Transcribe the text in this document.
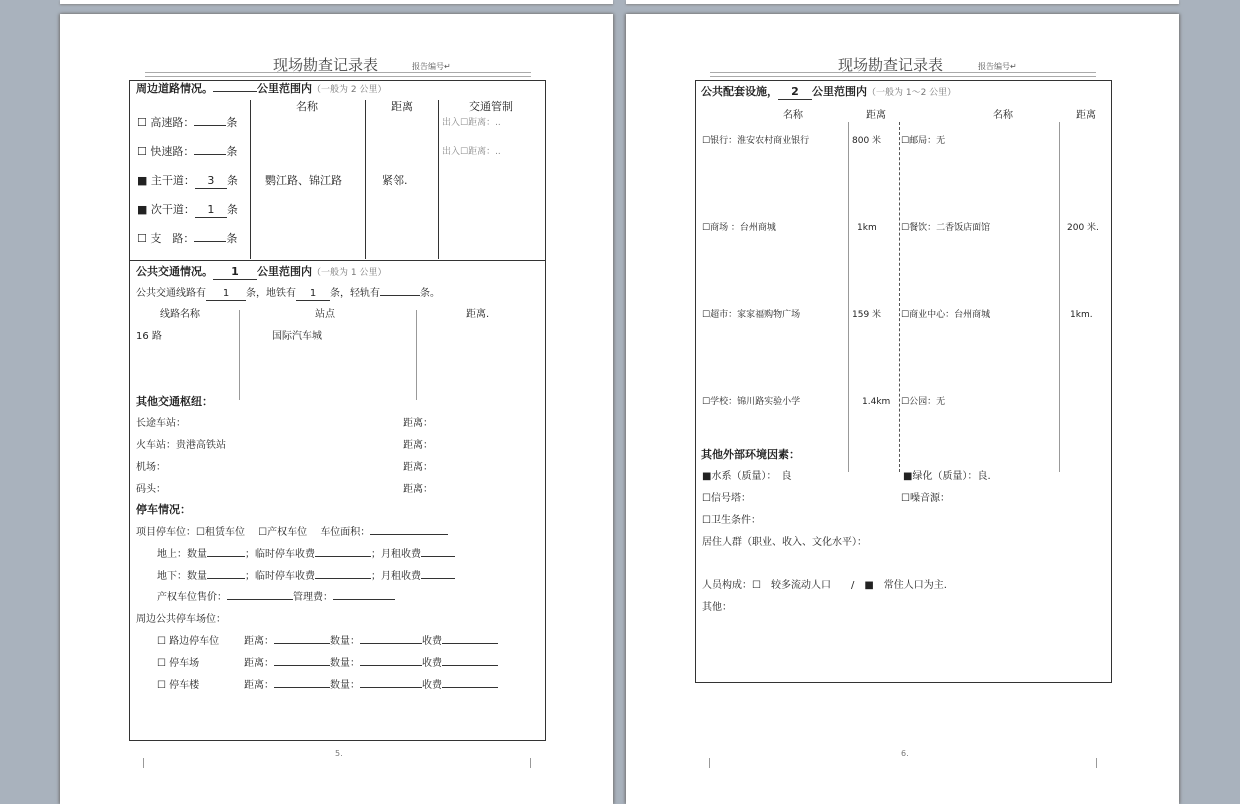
现场勘查记录表	报告编号↵
周边道路情况。	公里范围内（一般为 2 公里）
名称	距离	交通管制
☐ 高速路：	条	出入☐距离：..
☐ 快速路：	条	出入☐距离：..
■ 主干道： 3 条 鹦江路、锦江路	紧邻.
■ 次干道： 1 条
☐ 支　路：	条
公共交通情况。 1 公里范围内（一般为 1 公里）
公共交通线路有 1 条，地铁有 1 条，轻轨有	条。
线路名称	站点	距离.
16 路	国际汽车城
其他交通枢纽：
长途车站：	距离：
火车站：贵港高铁站	距离：
机场：	距离：
码头：	距离：
停车情况：
项目停车位：☐租赁车位　 ☐产权车位　 车位面积：
地上：数量	；临时停车收费	；月租收费
地下：数量	；临时停车收费	；月租收费
产权车位售价：	管理费：
周边公共停车场位：
☐ 路边停车位 距离：	数量：	收费
☐ 停车场	距离：	数量：	收费
☐ 停车楼	距离：	数量：	收费
5.
现场勘查记录表	报告编号↵
公共配套设施， 2 公里范围内（一般为 1～2 公里）
名称	距离	名称	距离
☐银行：淮安农村商业银行	800 米 ☐邮局：无
☐商场 ：台州商城	1km	☐餐饮：二香饭店面馆	200 米.
☐超市：家家福购物广场	159 米 ☐商业中心：台州商城	1km.
☐学校：锦川路实验小学	1.4km ☐公园：无
其他外部环境因素：
■水系（质量）：　良	■绿化（质量）：良.
☐信号塔：	☐噪音源：
☐卫生条件：
居住人群（职业、收入、文化水平）：
人员构成：☐　较多流动人口　　/　■　常住人口为主.
其他：
6.
